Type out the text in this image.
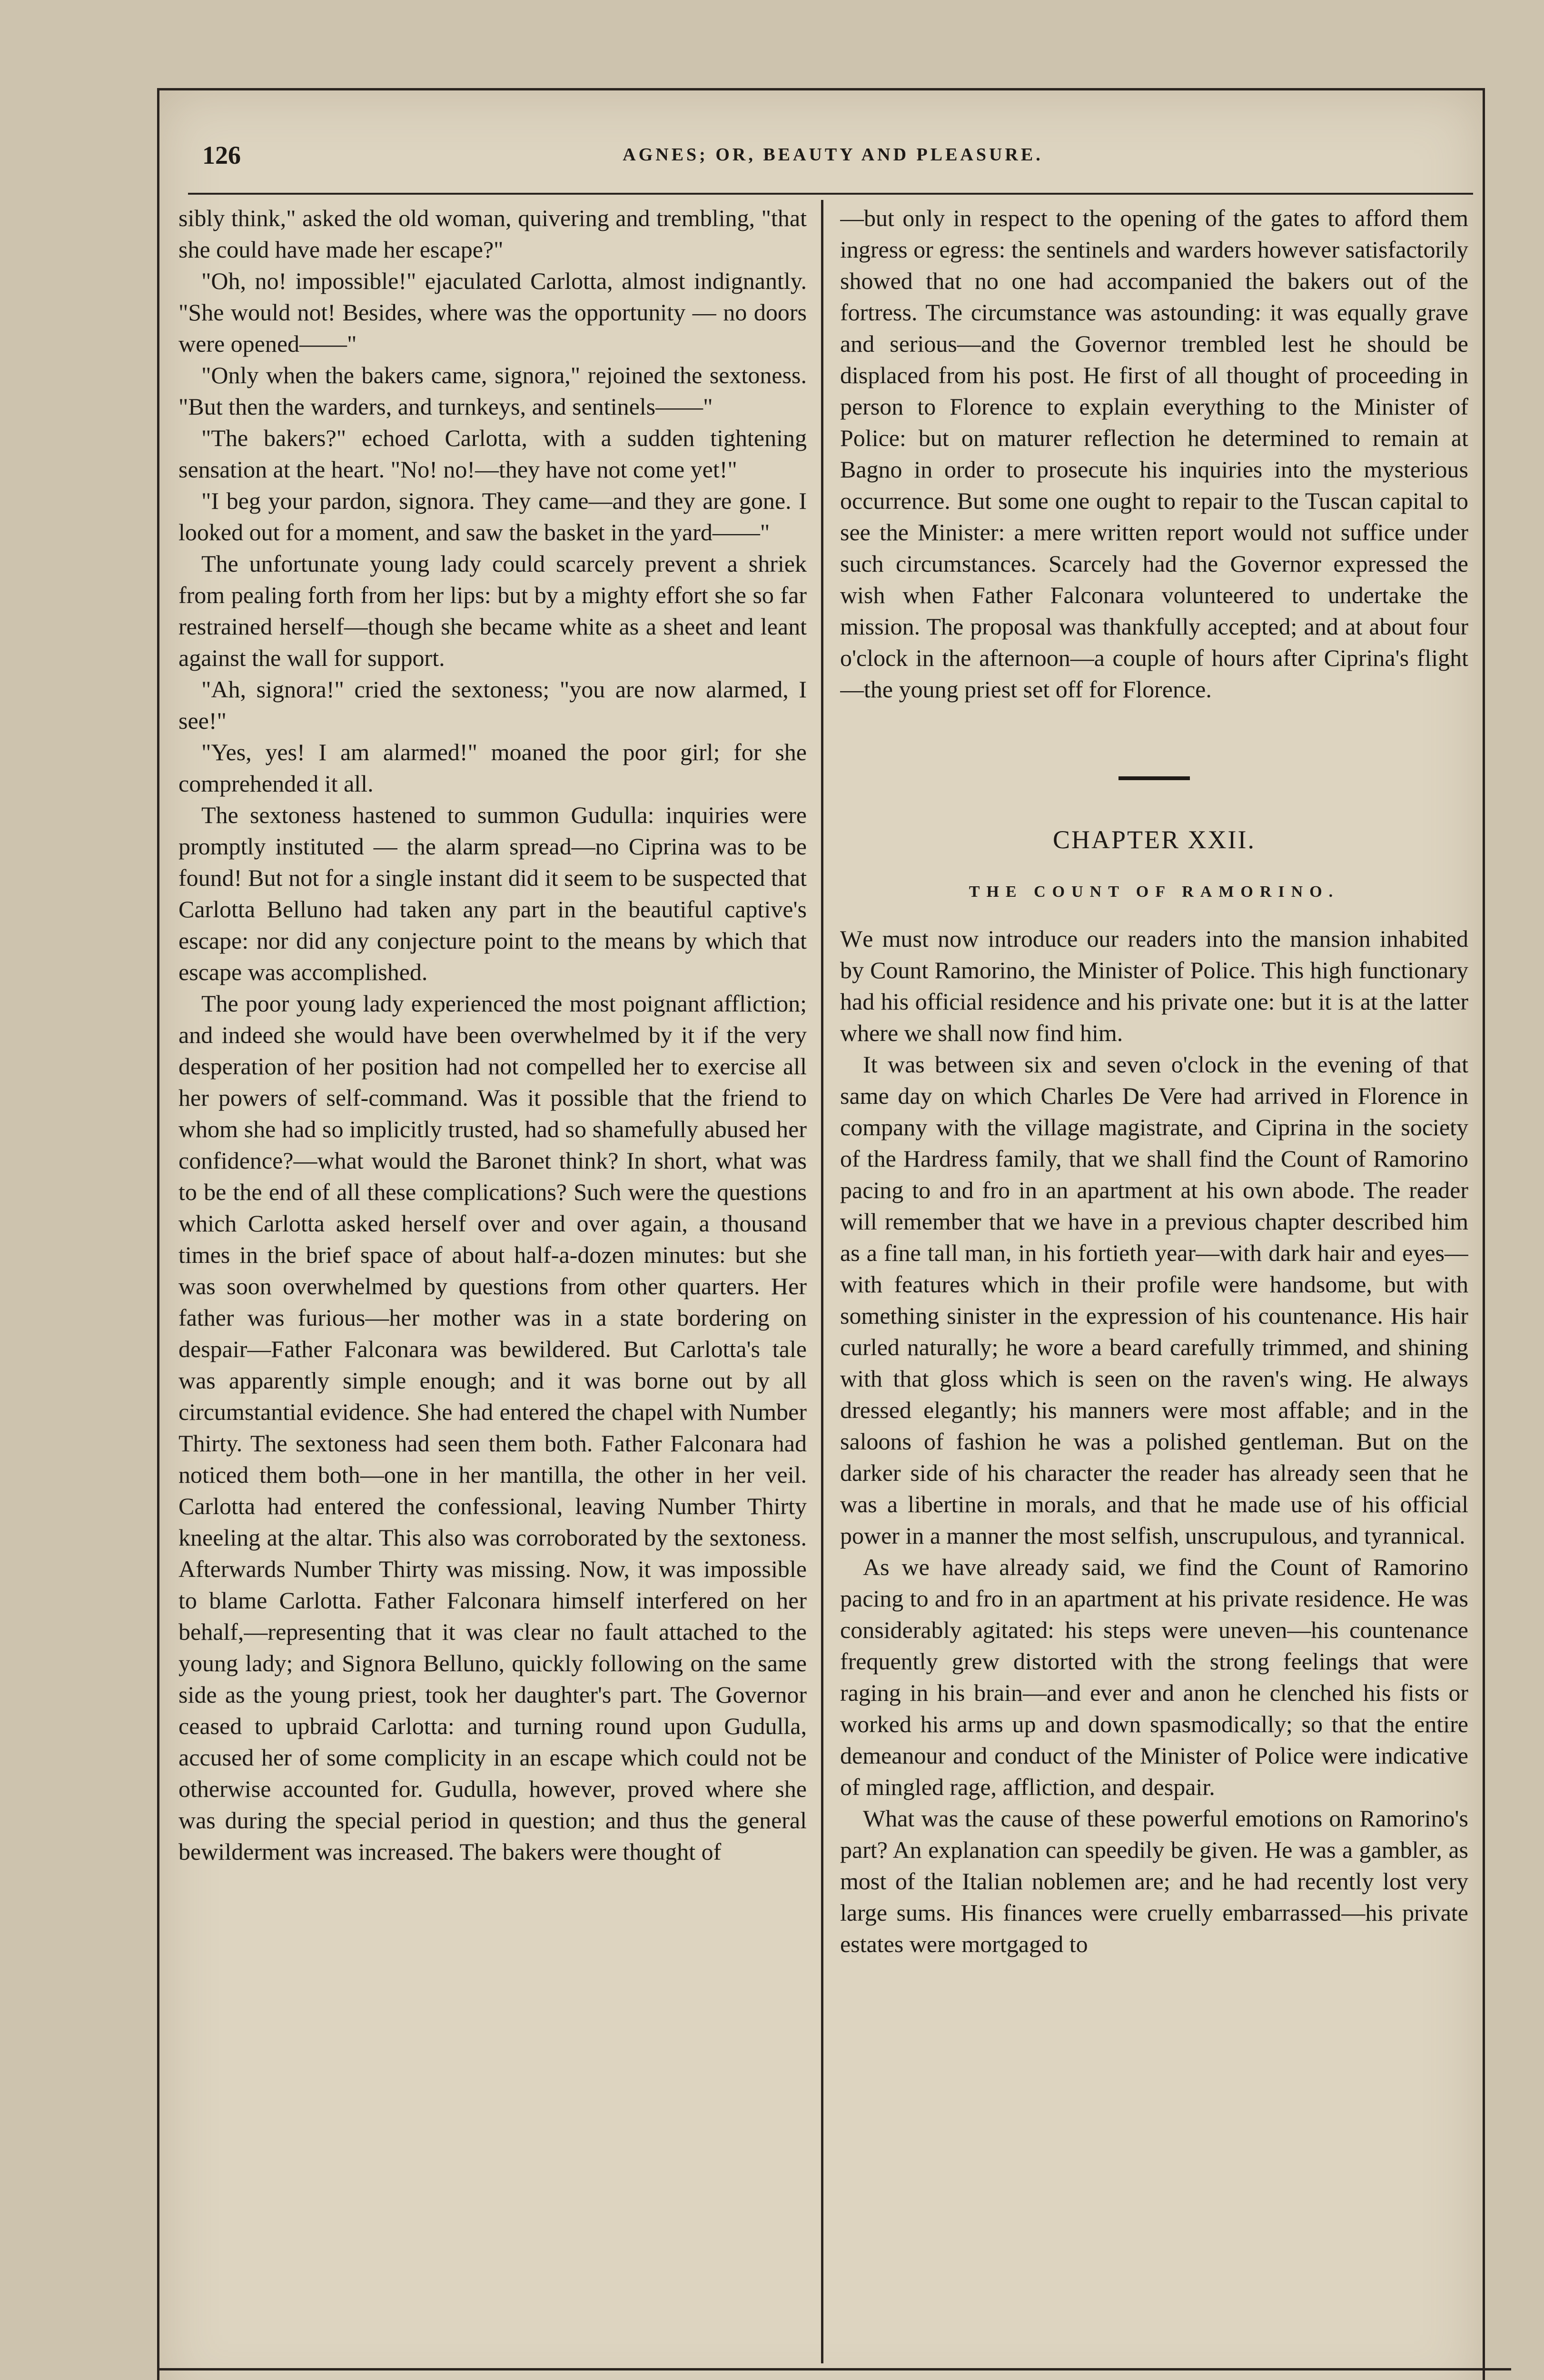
126	AGNES; OR, BEAUTY AND PLEASURE.

sibly think," asked the old woman, quivering and trembling, "that she could have made her escape?"

"Oh, no! impossible!" ejaculated Carlotta, almost indignantly. "She would not! Besides, where was the opportunity — no doors were opened——"

"Only when the bakers came, signora," rejoined the sextoness. "But then the warders, and turnkeys, and sentinels——"

"The bakers?" echoed Carlotta, with a sudden tightening sensation at the heart. "No! no!—they have not come yet!"

"I beg your pardon, signora. They came—and they are gone. I looked out for a moment, and saw the basket in the yard——"

The unfortunate young lady could scarcely prevent a shriek from pealing forth from her lips: but by a mighty effort she so far restrained herself—though she became white as a sheet and leant against the wall for support.

"Ah, signora!" cried the sextoness; "you are now alarmed, I see!"

"Yes, yes! I am alarmed!" moaned the poor girl; for she comprehended it all.

The sextoness hastened to summon Gudulla: inquiries were promptly instituted — the alarm spread—no Ciprina was to be found! But not for a single instant did it seem to be suspected that Carlotta Belluno had taken any part in the beautiful captive's escape: nor did any conjecture point to the means by which that escape was accomplished.

The poor young lady experienced the most poignant affliction; and indeed she would have been overwhelmed by it if the very desperation of her position had not compelled her to exercise all her powers of self-command. Was it possible that the friend to whom she had so implicitly trusted, had so shamefully abused her confidence?—what would the Baronet think? In short, what was to be the end of all these complications? Such were the questions which Carlotta asked herself over and over again, a thousand times in the brief space of about half-a-dozen minutes: but she was soon overwhelmed by questions from other quarters. Her father was furious—her mother was in a state bordering on despair—Father Falconara was bewildered. But Carlotta's tale was apparently simple enough; and it was borne out by all circumstantial evidence. She had entered the chapel with Number Thirty. The sextoness had seen them both. Father Falconara had noticed them both—one in her mantilla, the other in her veil. Carlotta had entered the confessional, leaving Number Thirty kneeling at the altar. This also was corroborated by the sextoness. Afterwards Number Thirty was missing. Now, it was impossible to blame Carlotta. Father Falconara himself interfered on her behalf,—representing that it was clear no fault attached to the young lady; and Signora Belluno, quickly following on the same side as the young priest, took her daughter's part. The Governor ceased to upbraid Carlotta: and turning round upon Gudulla, accused her of some complicity in an escape which could not be otherwise accounted for. Gudulla, however, proved where she was during the special period in question; and thus the general bewilderment was increased. The bakers were thought of

—but only in respect to the opening of the gates to afford them ingress or egress: the sentinels and warders however satisfactorily showed that no one had accompanied the bakers out of the fortress. The circumstance was astounding: it was equally grave and serious—and the Governor trembled lest he should be displaced from his post. He first of all thought of proceeding in person to Florence to explain everything to the Minister of Police: but on maturer reflection he determined to remain at Bagno in order to prosecute his inquiries into the mysterious occurrence. But some one ought to repair to the Tuscan capital to see the Minister: a mere written report would not suffice under such circumstances. Scarcely had the Governor expressed the wish when Father Falconara volunteered to undertake the mission. The proposal was thankfully accepted; and at about four o'clock in the afternoon—a couple of hours after Ciprina's flight—the young priest set off for Florence.

CHAPTER XXII.
THE COUNT OF RAMORINO.

We must now introduce our readers into the mansion inhabited by Count Ramorino, the Minister of Police. This high functionary had his official residence and his private one: but it is at the latter where we shall now find him.

It was between six and seven o'clock in the evening of that same day on which Charles De Vere had arrived in Florence in company with the village magistrate, and Ciprina in the society of the Hardress family, that we shall find the Count of Ramorino pacing to and fro in an apartment at his own abode. The reader will remember that we have in a previous chapter described him as a fine tall man, in his fortieth year—with dark hair and eyes—with features which in their profile were handsome, but with something sinister in the expression of his countenance. His hair curled naturally; he wore a beard carefully trimmed, and shining with that gloss which is seen on the raven's wing. He always dressed elegantly; his manners were most affable; and in the saloons of fashion he was a polished gentleman. But on the darker side of his character the reader has already seen that he was a libertine in morals, and that he made use of his official power in a manner the most selfish, unscrupulous, and tyrannical.

As we have already said, we find the Count of Ramorino pacing to and fro in an apartment at his private residence. He was considerably agitated: his steps were uneven—his countenance frequently grew distorted with the strong feelings that were raging in his brain—and ever and anon he clenched his fists or worked his arms up and down spasmodically; so that the entire demeanour and conduct of the Minister of Police were indicative of mingled rage, affliction, and despair.

What was the cause of these powerful emotions on Ramorino's part? An explanation can speedily be given. He was a gambler, as most of the Italian noblemen are; and he had recently lost very large sums. His finances were cruelly embarrassed—his private estates were mortgaged to
